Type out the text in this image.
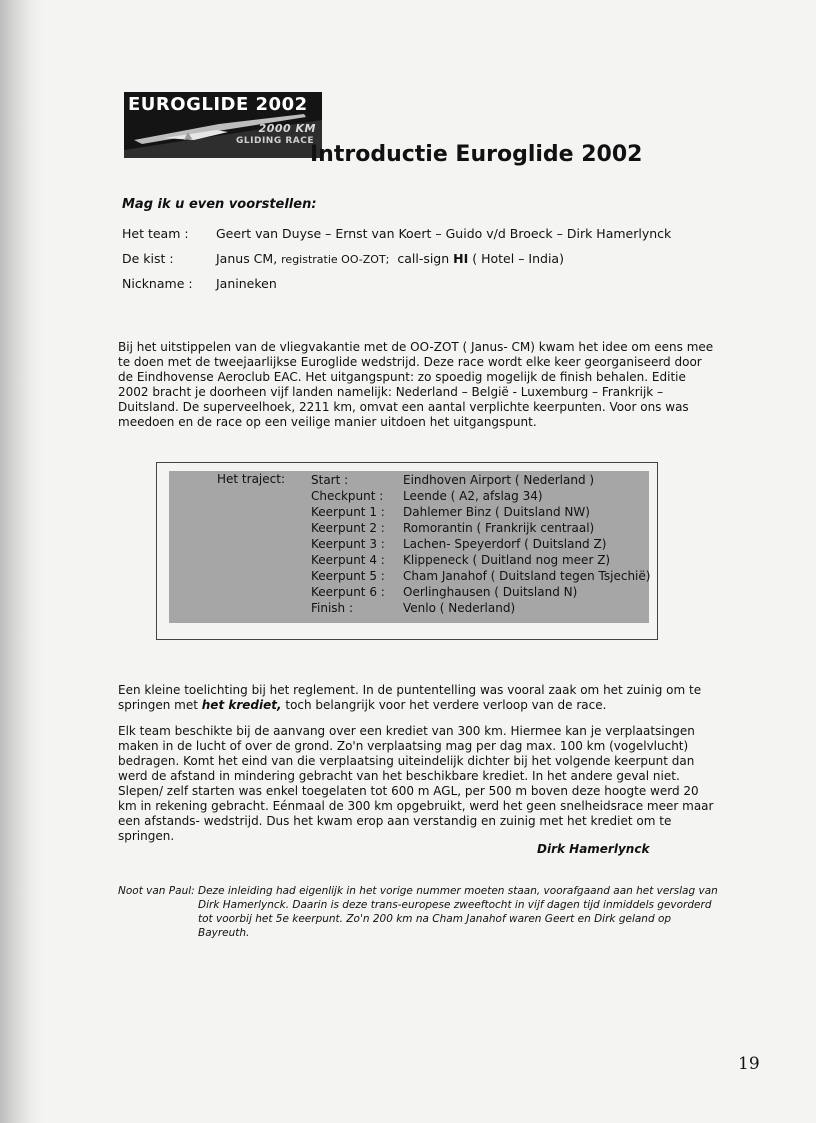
EUROGLIDE 2002
2000 KM
GLIDING RACE
Introductie Euroglide 2002
Mag ik u even voorstellen:
Het team : Geert van Duyse – Ernst van Koert – Guido v/d Broeck – Dirk Hamerlynck
De kist :	Janus CM, registratie OO-ZOT;  call-sign HI ( Hotel – India)
Nickname : Janineken
Bij het uitstippelen van de vliegvakantie met de OO-ZOT ( Janus- CM) kwam het idee om eens mee te doen met de tweejaarlijkse Euroglide wedstrijd. Deze race wordt elke keer georganiseerd door de Eindhovense Aeroclub EAC. Het uitgangspunt: zo spoedig mogelijk de finish behalen. Editie 2002 bracht je doorheen vijf landen namelijk: Nederland – België - Luxemburg – Frankrijk – Duitsland. De superveelhoek, 2211 km, omvat een aantal verplichte keerpunten. Voor ons was meedoen en de race op een veilige manier uitdoen het uitgangspunt.
Het traject: Start :	Eindhoven Airport ( Nederland )
Checkpunt : Leende ( A2, afslag 34)
Keerpunt 1 : Dahlemer Binz ( Duitsland NW)
Keerpunt 2 : Romorantin ( Frankrijk centraal)
Keerpunt 3 : Lachen- Speyerdorf ( Duitsland Z)
Keerpunt 4 : Klippeneck ( Duitland nog meer Z)
Keerpunt 5 : Cham Janahof ( Duitsland tegen Tsjechië)
Keerpunt 6 : Oerlinghausen ( Duitsland N)
Finish :	Venlo ( Nederland)
Een kleine toelichting bij het reglement. In de puntentelling was vooral zaak om het zuinig om te springen met het krediet, toch belangrijk voor het verdere verloop van de race.
Elk team beschikte bij de aanvang over een krediet van 300 km. Hiermee kan je verplaatsingen maken in de lucht of over de grond. Zo'n verplaatsing mag per dag max. 100 km (vogelvlucht) bedragen. Komt het eind van die verplaatsing uiteindelijk dichter bij het volgende keerpunt dan werd de afstand in mindering gebracht van het beschikbare krediet. In het andere geval niet. Slepen/ zelf starten was enkel toegelaten tot 600 m AGL, per 500 m boven deze hoogte werd 20 km in rekening gebracht. Eénmaal de 300 km opgebruikt, werd het geen snelheidsrace meer maar een afstands- wedstrijd. Dus het kwam erop aan verstandig en zuinig met het krediet om te springen.
Dirk Hamerlynck
Noot van Paul: Deze inleiding had eigenlijk in het vorige nummer moeten staan, voorafgaand aan het verslag van
Dirk Hamerlynck. Daarin is deze trans-europese zweeftocht in vijf dagen tijd inmiddels gevorderd tot voorbij het 5e keerpunt. Zo'n 200 km na Cham Janahof waren Geert en Dirk geland op Bayreuth.
19
